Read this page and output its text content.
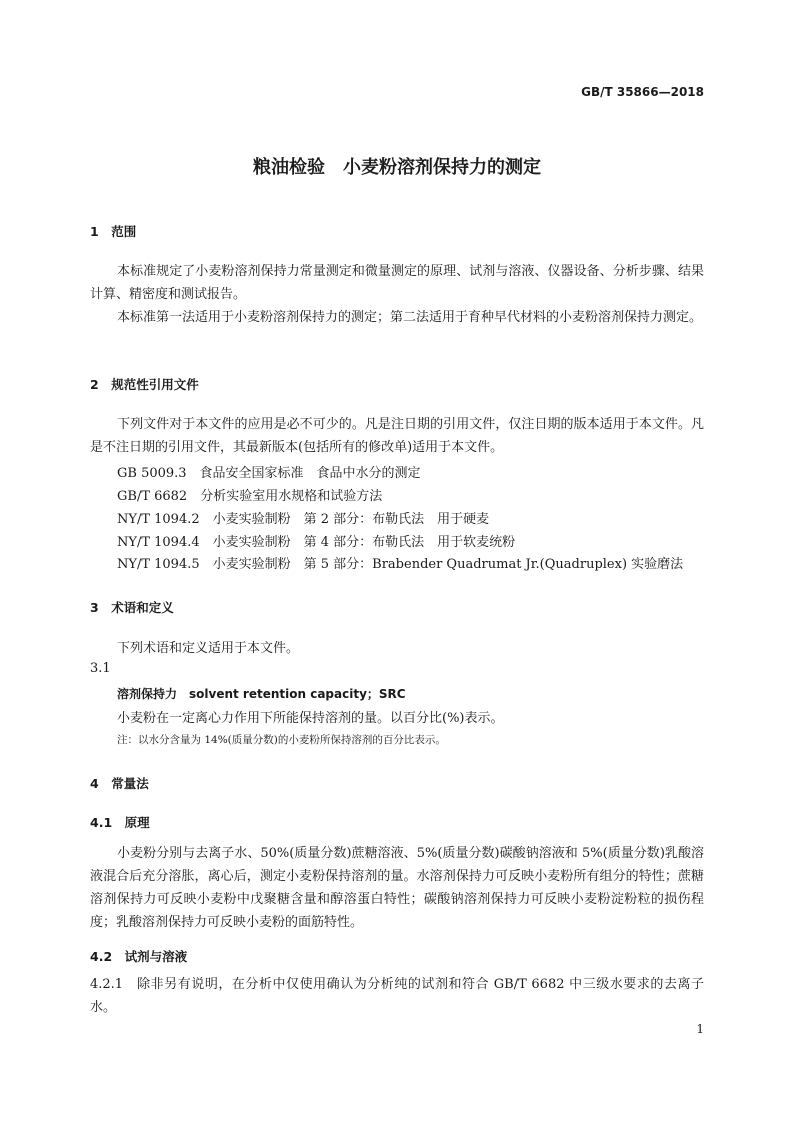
GB/T 35866—2018
粮油检验　小麦粉溶剂保持力的测定
1　范围
本标准规定了小麦粉溶剂保持力常量测定和微量测定的原理、试剂与溶液、仪器设备、分析步骤、结果计算、精密度和测试报告。
本标准第一法适用于小麦粉溶剂保持力的测定；第二法适用于育种早代材料的小麦粉溶剂保持力测定。
2　规范性引用文件
下列文件对于本文件的应用是必不可少的。凡是注日期的引用文件，仅注日期的版本适用于本文件。凡是不注日期的引用文件，其最新版本(包括所有的修改单)适用于本文件。
GB 5009.3　食品安全国家标准　食品中水分的测定
GB/T 6682　分析实验室用水规格和试验方法
NY/T 1094.2　小麦实验制粉　第 2 部分：布勒氏法　用于硬麦
NY/T 1094.4　小麦实验制粉　第 4 部分：布勒氏法　用于软麦统粉
NY/T 1094.5　小麦实验制粉　第 5 部分：Brabender Quadrumat Jr.(Quadruplex) 实验磨法
3　术语和定义
下列术语和定义适用于本文件。
3.1
溶剂保持力　solvent retention capacity；SRC
小麦粉在一定离心力作用下所能保持溶剂的量。以百分比(%)表示。
注：以水分含量为 14%(质量分数)的小麦粉所保持溶剂的百分比表示。
4　常量法
4.1　原理
小麦粉分别与去离子水、50%(质量分数)蔗糖溶液、5%(质量分数)碳酸钠溶液和 5%(质量分数)乳酸溶液混合后充分溶胀，离心后，测定小麦粉保持溶剂的量。水溶剂保持力可反映小麦粉所有组分的特性；蔗糖溶剂保持力可反映小麦粉中戊聚糖含量和醇溶蛋白特性；碳酸钠溶剂保持力可反映小麦粉淀粉粒的损伤程度；乳酸溶剂保持力可反映小麦粉的面筋特性。
4.2　试剂与溶液
4.2.1　除非另有说明，在分析中仅使用确认为分析纯的试剂和符合 GB/T 6682 中三级水要求的去离子水。
1
